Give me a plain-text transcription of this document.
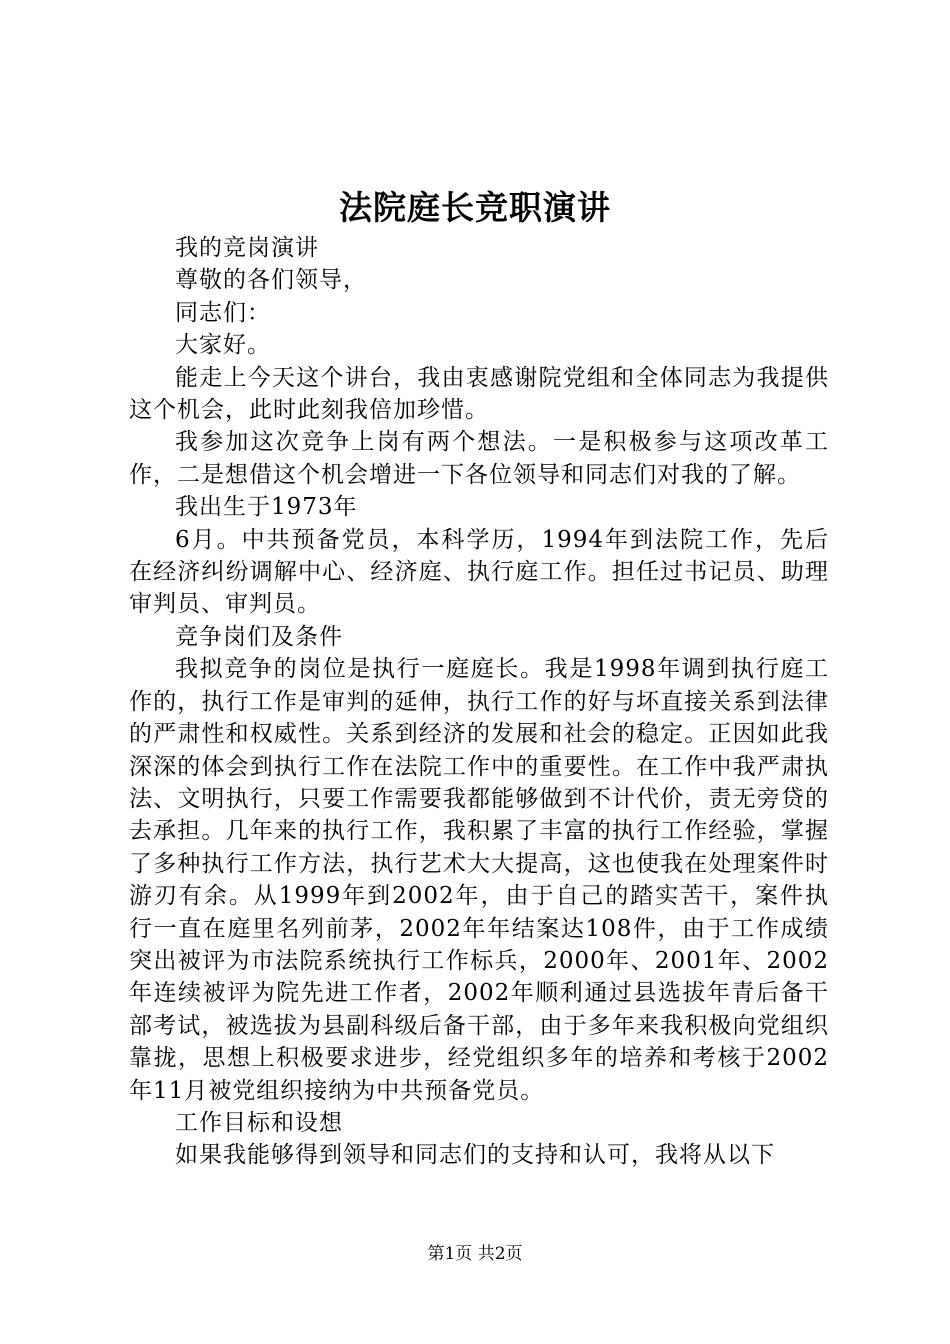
法院庭长竞职演讲

我的竞岗演讲

尊敬的各们领导，

同志们：

大家好。

能走上今天这个讲台，我由衷感谢院党组和全体同志为我提供这个机会，此时此刻我倍加珍惜。

我参加这次竞争上岗有两个想法。一是积极参与这项改革工作，二是想借这个机会增进一下各位领导和同志们对我的了解。

我出生于1973年

6月。中共预备党员，本科学历，1994年到法院工作，先后在经济纠纷调解中心、经济庭、执行庭工作。担任过书记员、助理审判员、审判员。

竞争岗们及条件

我拟竞争的岗位是执行一庭庭长。我是1998年调到执行庭工作的，执行工作是审判的延伸，执行工作的好与坏直接关系到法律的严肃性和权威性。关系到经济的发展和社会的稳定。正因如此我深深的体会到执行工作在法院工作中的重要性。在工作中我严肃执法、文明执行，只要工作需要我都能够做到不计代价，责无旁贷的去承担。几年来的执行工作，我积累了丰富的执行工作经验，掌握了多种执行工作方法，执行艺术大大提高，这也使我在处理案件时游刃有余。从1999年到2002年，由于自己的踏实苦干，案件执行一直在庭里名列前茅，2002年年结案达108件，由于工作成绩突出被评为市法院系统执行工作标兵，2000年、2001年、2002年连续被评为院先进工作者，2002年顺利通过县选拔年青后备干部考试，被选拔为县副科级后备干部，由于多年来我积极向党组织靠拢，思想上积极要求进步，经党组织多年的培养和考核于2002年11月被党组织接纳为中共预备党员。

工作目标和设想

如果我能够得到领导和同志们的支持和认可，我将从以下

第1页 共2页
